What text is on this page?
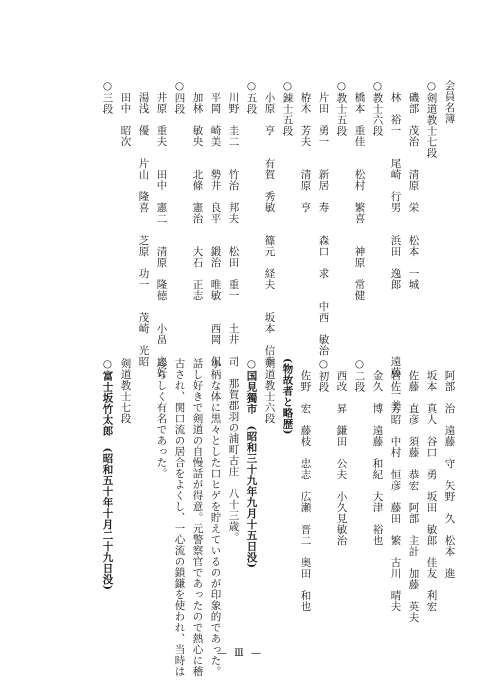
会員名簿
○剣道教士七段
磯部　茂治　　清原　栄　　松本　一城
林　裕一　　尾崎　行男　　浜田　逸郎　　　　　　遠藤　一美
○教士六段
橋本　重佳　　松村　繁喜　　神原　常健
○教士五段
片田　勇一　　新居　寿　　森口　求　　中西　敏治
栫木　芳夫　　清原　亨
○錬士五段
小原　亨　　有賀　秀敏　　篠元　経夫　　坂本　信幸
○五段
川野　圭二　　竹治　邦夫　　松田　重一　　土井　司
平岡　崎美　　勢井　良平　　鍛治　唯敏　　西岡　侃
加林　敏央　　北條　憲治　　大石　正志
○四段
井原　重夫　　田中　憲二　　清原　隆徳　　小畠　忠好
湯浅　優　　片山　隆喜　　芝原　功一　　茂崎　光昭
田中　昭次
○三段
阿部　治　遠藤　守　矢野　久　松本　進
坂本　真人　谷口　勇　坂田　敏郎　佳友　利宏
佐藤　直彦　須藤　恭宏　阿部　主計　加藤　英夫
岩佐　芳昭　中村　恒彦　藤田　繁　古川　晴夫
金久　博　遠藤　和紀　大津　裕也
○二段
西改　昇　鎌田　公夫　小久見敏治
○初段
佐野　宏　藤枝　忠志　広瀬　晋二　奥田　和也
(物故者と略歴)
剣道教士六段
○国見獨市　(昭和三十九年九月十五日没)
那賀郡羽の浦町古庄　八十三歳。
小柄な体に黒々とした口ヒゲを貯えているのが印象的であった。
話し好きで剣道の自慢話が得意。元警察官であったので熱心に稽
古され、関口流の居合をよくし、一心流の鎖鎌を使われ、当時は
珍らしく有名であった。
剣道教士七段
○富士坂竹太郎　(昭和五十年十月二十九日没)
— Ⅲ —
